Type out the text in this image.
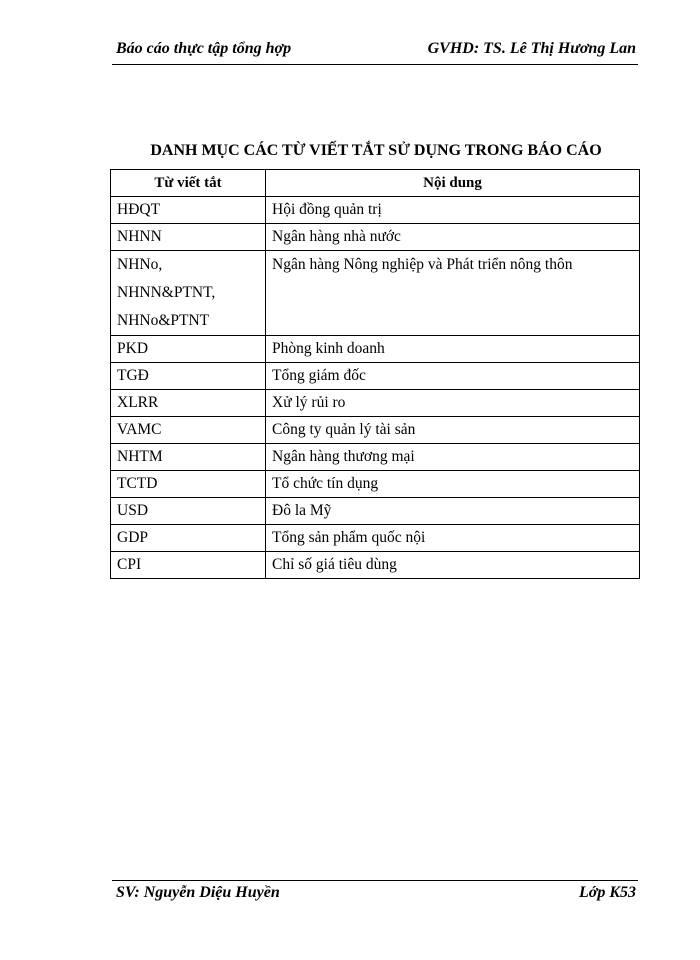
Báo cáo thực tập tổng hợp	GVHD: TS. Lê Thị Hương Lan
DANH MỤC CÁC TỪ VIẾT TẮT SỬ DỤNG TRONG BÁO CÁO
Từ viết tắt	Nội dung
HĐQT	Hội đồng quản trị
NHNN	Ngân hàng nhà nước

NHNo,
NHNN&PTNT,
NHNo&PTNT	Ngân hàng Nông nghiệp và Phát triển nông thôn

PKD	Phòng kinh doanh
TGĐ	Tổng giám đốc
XLRR	Xử lý rủi ro
VAMC	Công ty quản lý tài sản
NHTM	Ngân hàng thương mại
TCTD	Tổ chức tín dụng
USD	Đô la Mỹ
GDP	Tổng sản phẩm quốc nội
CPI	Chỉ số giá tiêu dùng
SV: Nguyễn Diệu Huyền	Lớp K53
